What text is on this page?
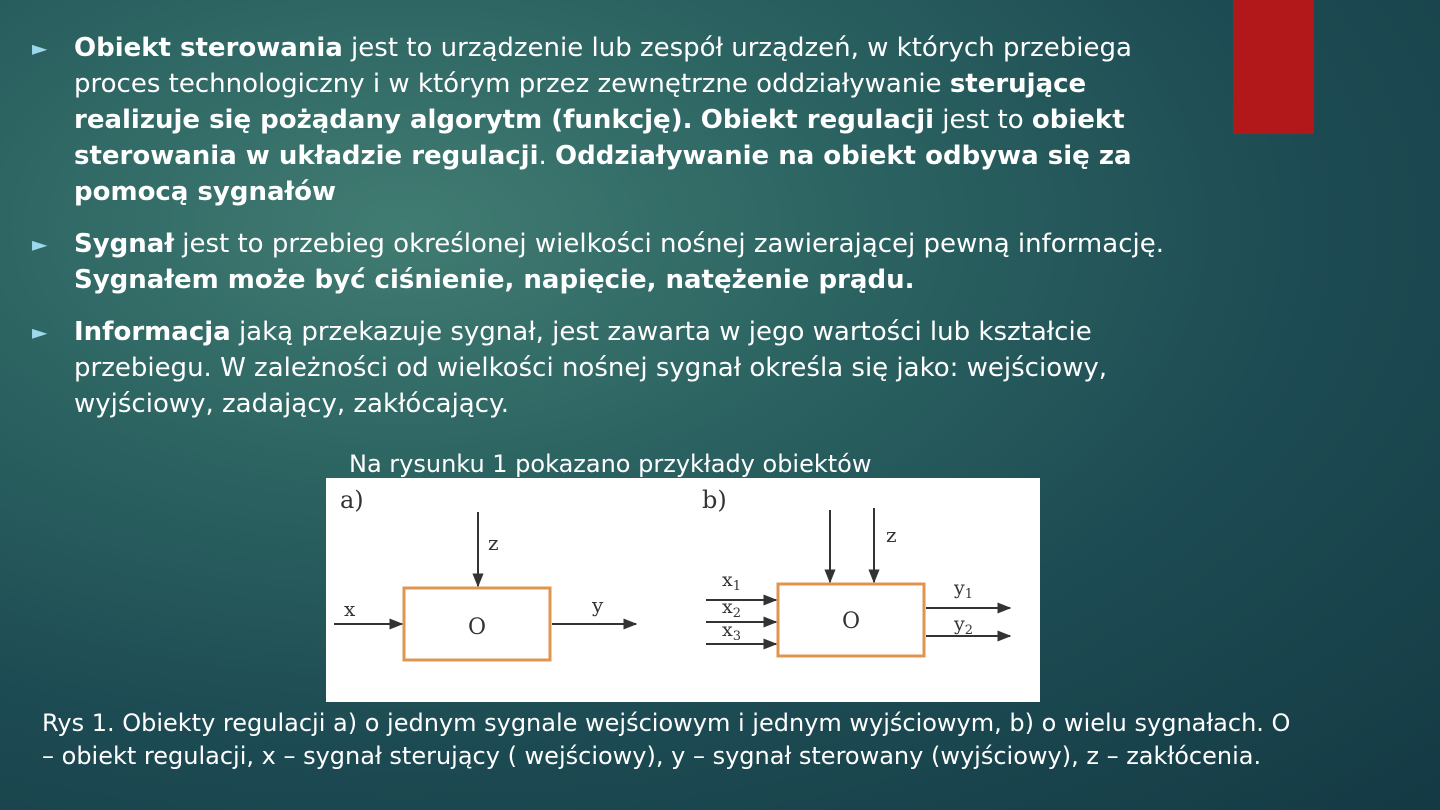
► Obiekt sterowania jest to urządzenie lub zespół urządzeń, w których przebiega proces technologiczny i w którym przez zewnętrzne oddziaływanie sterujące realizuje się pożądany algorytm (funkcję). Obiekt regulacji jest to obiekt sterowania w układzie regulacji. Oddziaływanie na obiekt odbywa się za pomocą sygnałów
► Sygnał jest to przebieg określonej wielkości nośnej zawierającej pewną informację. Sygnałem może być ciśnienie, napięcie, natężenie prądu.
► Informacja jaką przekazuje sygnał, jest zawarta w jego wartości lub kształcie przebiegu. W zależności od wielkości nośnej sygnał określa się jako: wejściowy, wyjściowy, zadający, zakłócający.
Na rysunku 1 pokazano przykłady obiektów
a)
O
z
x	y
b)
O
z
$x_1$
$x_2$
$x_3$
$y_1$
$y_2$
Rys 1. Obiekty regulacji a) o jednym sygnale wejściowym i jednym wyjściowym, b) o wielu sygnałach. O – obiekt regulacji, x – sygnał sterujący ( wejściowy), y – sygnał sterowany (wyjściowy), z – zakłócenia.
